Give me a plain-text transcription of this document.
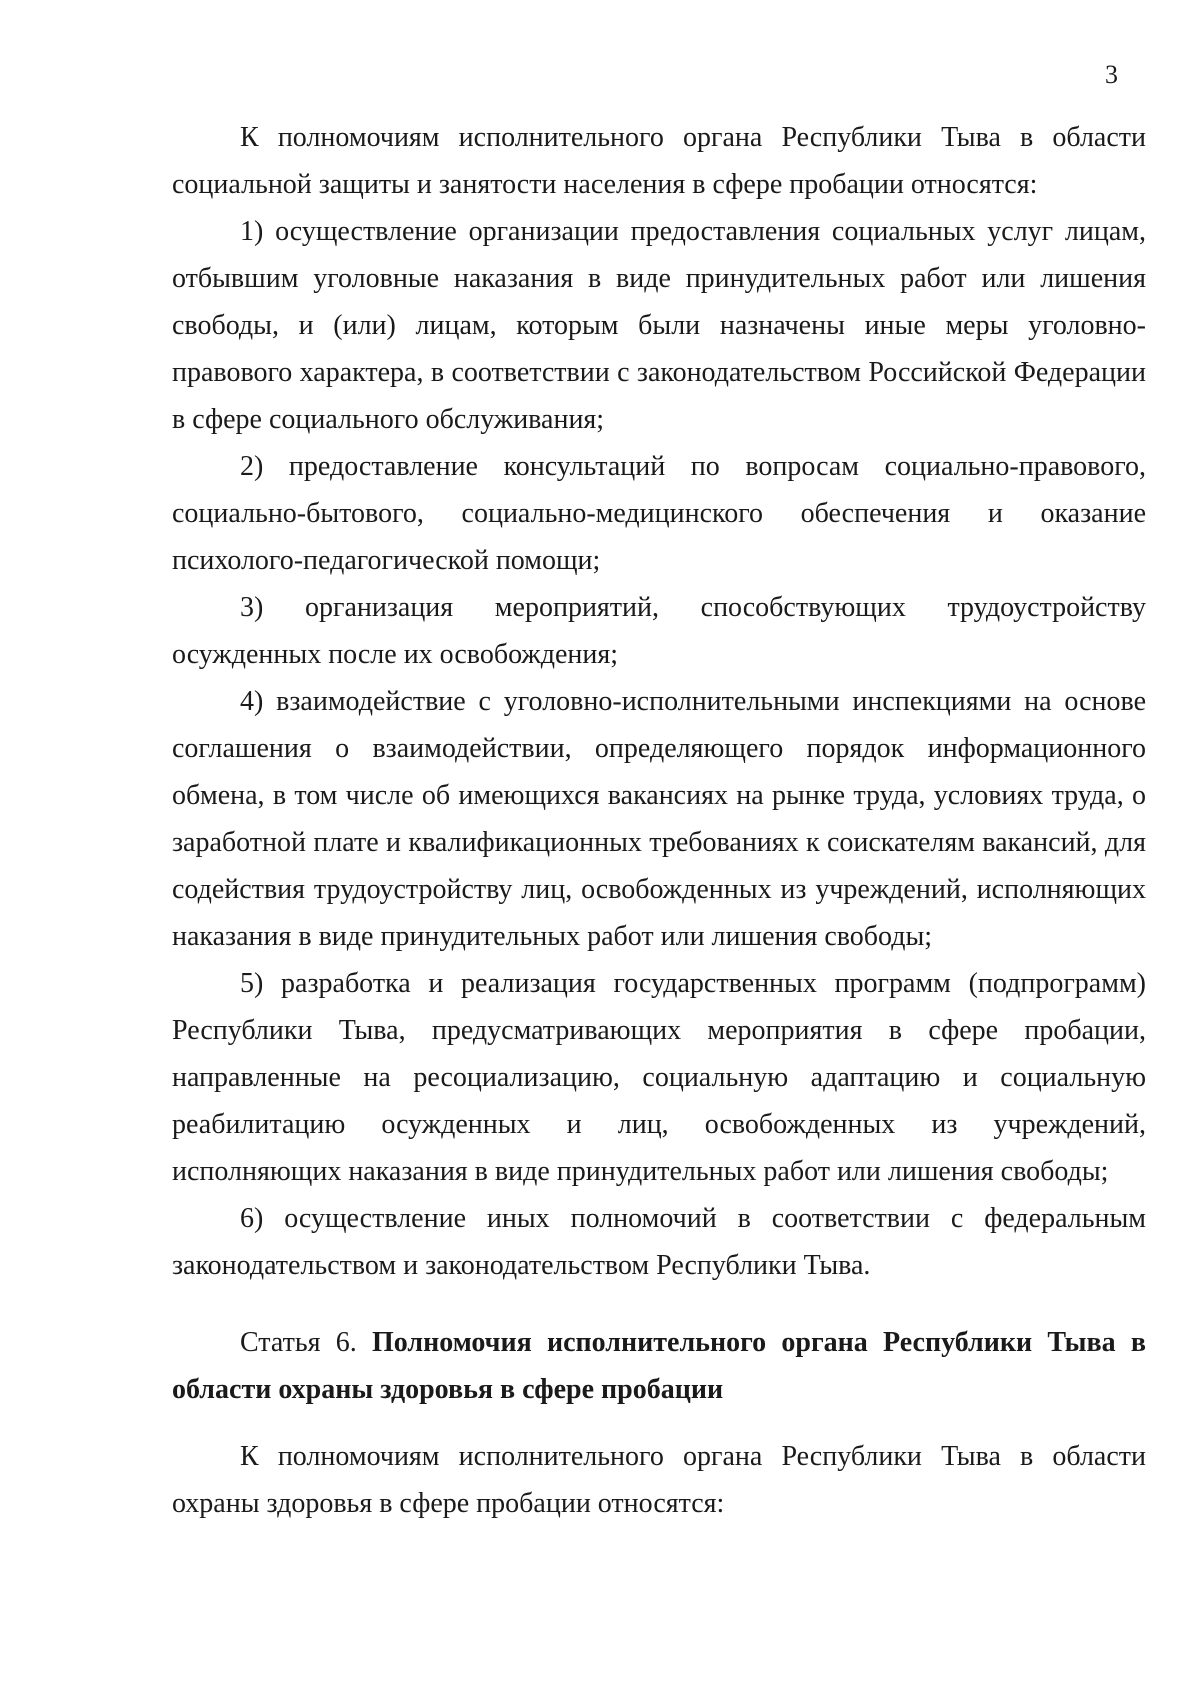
3

К полномочиям исполнительного органа Республики Тыва в области социальной защиты и занятости населения в сфере пробации относятся:

1) осуществление организации предоставления социальных услуг лицам, отбывшим уголовные наказания в виде принудительных работ или лишения свободы, и (или) лицам, которым были назначены иные меры уголовно-правового характера, в соответствии с законодательством Российской Федерации в сфере социального обслуживания;

2) предоставление консультаций по вопросам социально-правового, социально-бытового, социально-медицинского обеспечения и оказание психолого-педагогической помощи;

3) организация мероприятий, способствующих трудоустройству осужденных после их освобождения;

4) взаимодействие с уголовно-исполнительными инспекциями на основе соглашения о взаимодействии, определяющего порядок информационного обмена, в том числе об имеющихся вакансиях на рынке труда, условиях труда, о заработной плате и квалификационных требованиях к соискателям вакансий, для содействия трудоустройству лиц, освобожденных из учреждений, исполняющих наказания в виде принудительных работ или лишения свободы;

5) разработка и реализация государственных программ (подпрограмм) Республики Тыва, предусматривающих мероприятия в сфере пробации, направленные на ресоциализацию, социальную адаптацию и социальную реабилитацию осужденных и лиц, освобожденных из учреждений, исполняющих наказания в виде принудительных работ или лишения свободы;

6) осуществление иных полномочий в соответствии с федеральным законодательством и законодательством Республики Тыва.

Статья 6. Полномочия исполнительного органа Республики Тыва в области охраны здоровья в сфере пробации

К полномочиям исполнительного органа Республики Тыва в области охраны здоровья в сфере пробации относятся:
